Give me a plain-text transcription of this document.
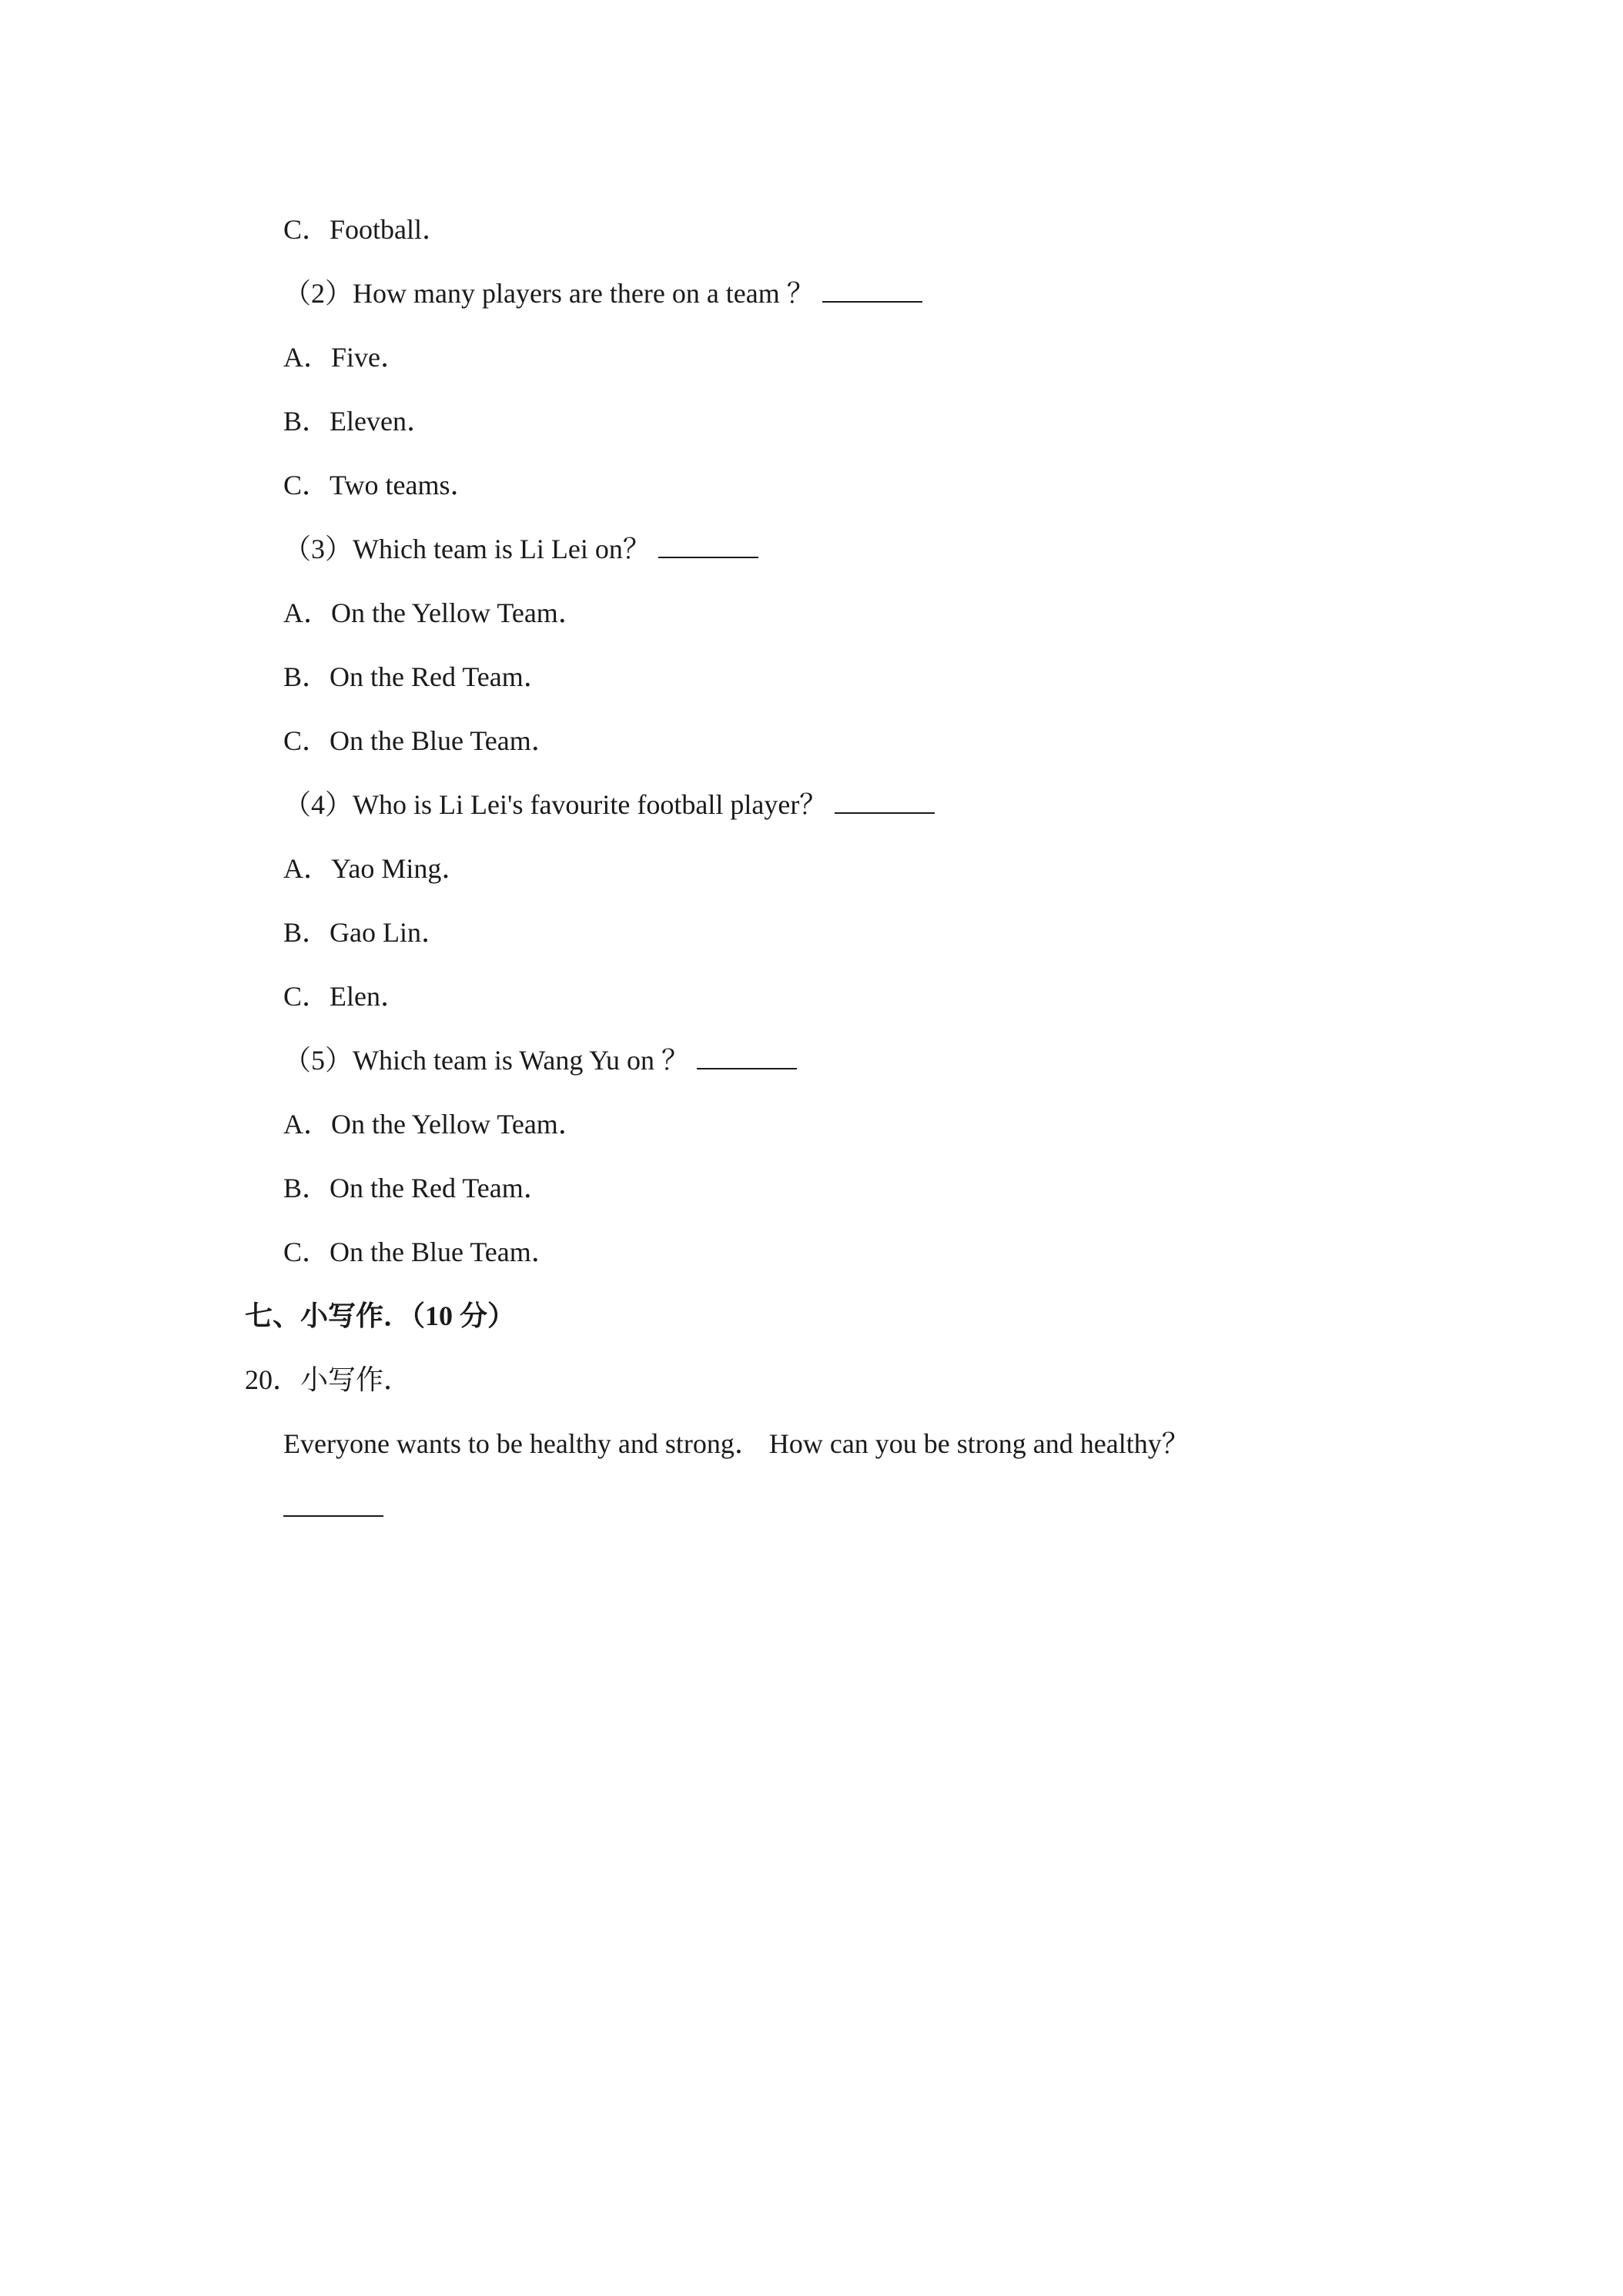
C．Football．
（2）How many players are there on a team ？
A．Five．
B．Eleven．
C．Two teams．
（3）Which team is Li Lei on？
A．On the Yellow Team．
B．On the Red Team．
C．On the Blue Team．
（4）Who is Li Lei's favourite football player？
A．Yao Ming．
B．Gao Lin．
C．Elen．
（5）Which team is Wang Yu on ？
A．On the Yellow Team．
B．On the Red Team．
C．On the Blue Team．
七、小写作．（10 分）
20．小写作．
Everyone wants to be healthy and strong． How can you be strong and healthy？
